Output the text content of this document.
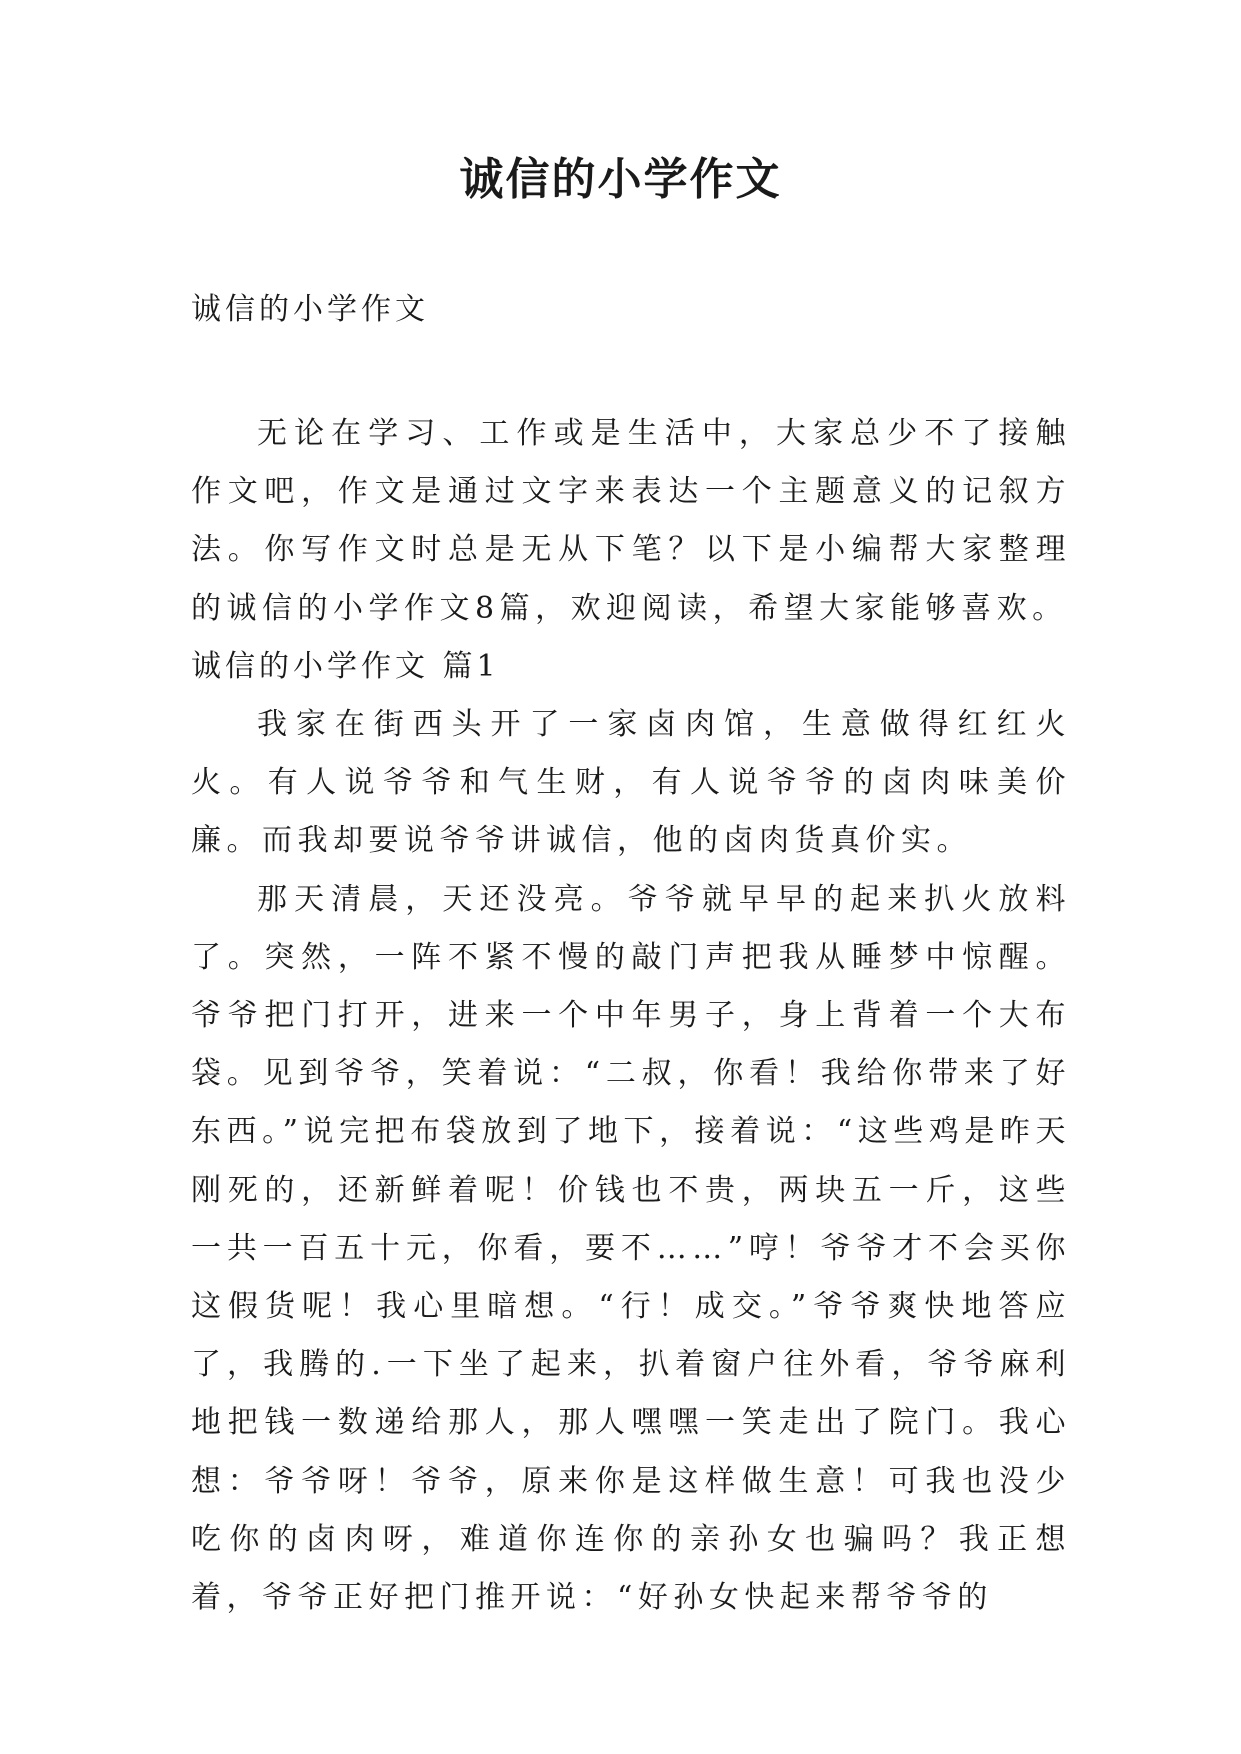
诚信的小学作文

诚信的小学作文

无论在学习、工作或是生活中，大家总少不了接触作文吧，作文是通过文字来表达一个主题意义的记叙方法。你写作文时总是无从下笔？以下是小编帮大家整理的诚信的小学作文8篇，欢迎阅读，希望大家能够喜欢。

诚信的小学作文 篇1

我家在街西头开了一家卤肉馆，生意做得红红火火。有人说爷爷和气生财，有人说爷爷的卤肉味美价廉。而我却要说爷爷讲诚信，他的卤肉货真价实。

那天清晨，天还没亮。爷爷就早早的起来扒火放料了。突然，一阵不紧不慢的敲门声把我从睡梦中惊醒。爷爷把门打开，进来一个中年男子，身上背着一个大布袋。见到爷爷，笑着说：“二叔，你看！我给你带来了好东西。”说完把布袋放到了地下，接着说：“这些鸡是昨天刚死的，还新鲜着呢！价钱也不贵，两块五一斤，这些一共一百五十元，你看，要不……”哼！爷爷才不会买你这假货呢！我心里暗想。“行！成交。”爷爷爽快地答应了，我腾的.一下坐了起来，扒着窗户往外看，爷爷麻利地把钱一数递给那人，那人嘿嘿一笑走出了院门。我心想：爷爷呀！爷爷，原来你是这样做生意！可我也没少吃你的卤肉呀，难道你连你的亲孙女也骗吗？我正想着，爷爷正好把门推开说：“好孙女快起来帮爷爷的
